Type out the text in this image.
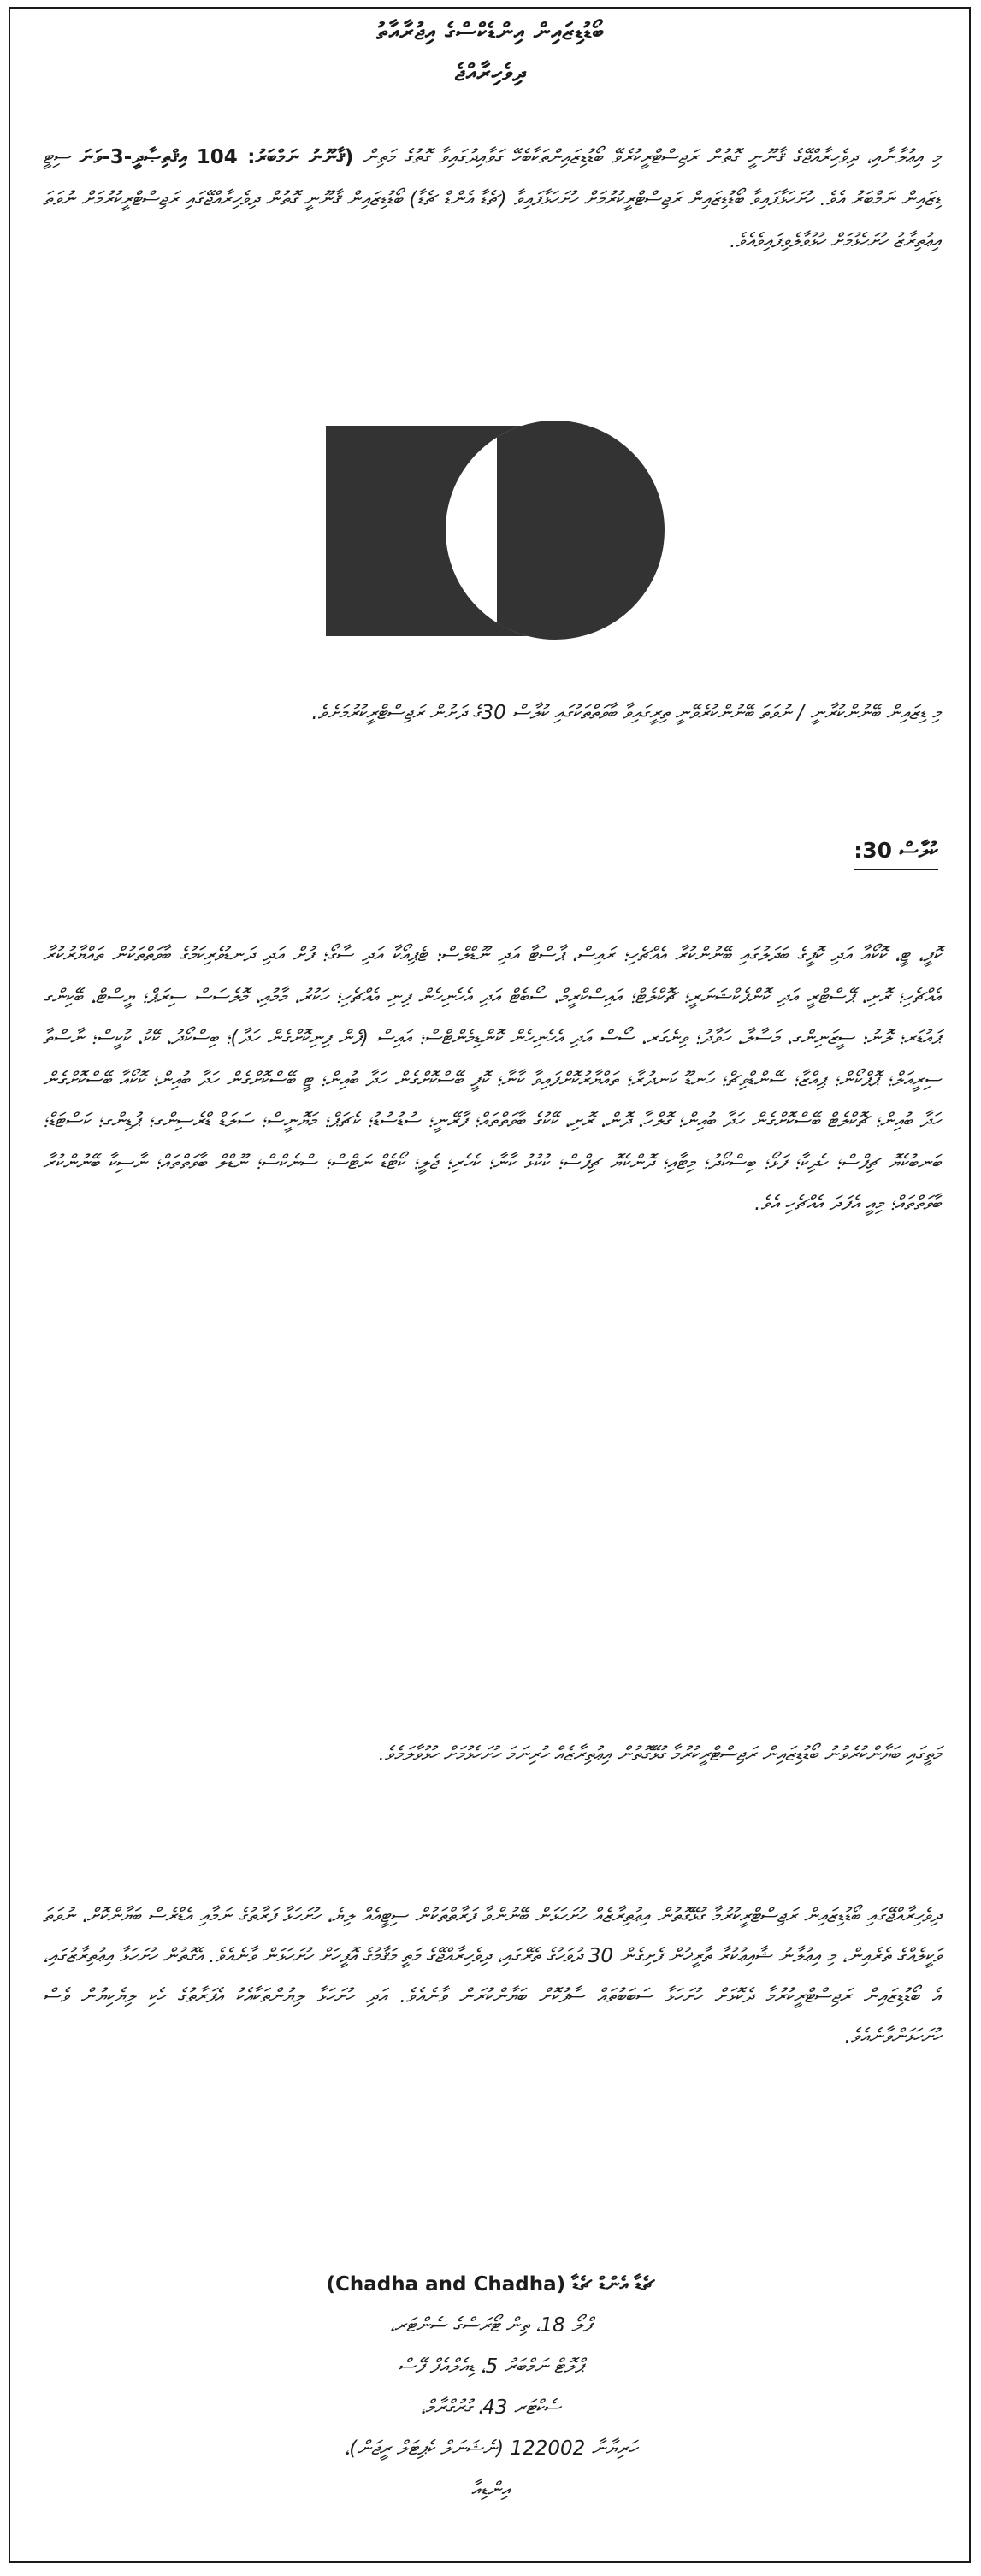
ބޯޑުޑިޒައިން އިންޑެކްސްގެ އިޖުރާއާތު
ދިވެހިރާއްޖެ
މި އިޢުލާނާއި، ދިވެހިރާއްޖޭގެ ޤާނޫނީ ގޮތުން ރަޖިސްޓްރީކުރެވޭ ބޯޑުޑިޒައިންތަކާބެހޭ ގަވާއިދުގައިވާ ގޮތުގެ މަތިން (ޤާނޫނު ނަމްބަރު: 104 އިޤްތިޞާދީ-3-ވަނަ ސިޓީ ޑިޒައިން ނަމްބަރު އެވެ. ހުށަހަޅާފައިވާ ބޯޑުޑިޒައިން ރަޖިސްޓްރީކުރުމަށް ހުށަހަޅާފައިވާ (ޗެޑާ އެންޑް ޗެޑާ) ބޯޑުޑިޒައިން ޤާނޫނީ ގޮތުން ދިވެހިރާއްޖޭގައި ރަޖިސްޓްރީކުރުމަށް ނުވަތަ އިޢުތިރާޒު ހުށަހެޅުމަށް ހުޅުވާލެވިފައިވެއެވެ.
މި ޑިޒައިން ބޭނުންކުރާނީ / ނުވަތަ ބޭނުންކުރެވޭނީ ތިރީގައިވާ ބާވަތްތަކުގައި ކުލާސް 30ގެ ދަށުން ރަޖިސްޓްރީކުރުމަށެވެ.
ކުލާސް 30:
ކޮފީ، ޓީ، ކޮކޯއާ އަދި ކޮފީގެ ބަދަލުގައި ބޭނުންކުރާ އެއްޗެހި؛ ރައިސް، ޕާސްޓާ އަދި ނޫޑްލްސް؛ ޓެޕިއޯކާ އަދި ސާގޯ؛ ފުށް އަދި ދަނޑުވެރިކަމުގެ ބާވަތްތަކުން ތައްޔާރުކުރާ އެއްޗެހި؛ ރޮށި، ޕޭސްޓްރީ އަދި ކޮންފެކްޝަނަރީ؛ ޗޮކްލެޓް؛ އައިސްކްރީމް، ސޯބެޓް އަދި އެހެނިހެން ފިނި އެއްޗެހި؛ ހަކުރު، މާމުއި، މޮލެސަސް ސިރަޕް؛ ޔީސްޓް، ބޭކިންގ ޕައުޑަރ؛ ލޮނު؛ ސީޒަނިންގ، މަސާލާ، ހަވާދު؛ ވިނެގަރ، ސޯސް އަދި އެހެނިހެން ކޮންޑިމެންޓްސް؛ އައިސް (ފެން ފިނިކޮށްގެން ހަދާ)؛ ބިސްކޯދު، ކޭކު، ކުކީސް؛ ނާސްތާ ސިރީއަލް؛ ޕޮޕްކޯން؛ ޕިއްޒާ؛ ސޭންޑްވިޗް؛ ހަނޑޫ ކަނދުރާ؛ ތައްޔާރުކޮށްފައިވާ ކާނާ؛ ކޮފީ ބޭސްކޮށްގެން ހަދާ ބުއިން؛ ޓީ ބޭސްކޮށްގެން ހަދާ ބުއިން؛ ކޮކޯއާ ބޭސްކޮށްގެން ހަދާ ބުއިން؛ ޗޮކްލެޓް ބޭސްކޮށްގެން ހަދާ ބުއިން؛ ގޮލްހާ، ދޮން، ރޮށި، ކޭކުގެ ބާވަތްތައް؛ ފާރޭނީ؛ ސުޑުސުޑު؛ ކެޗަޕް؛ މަޔޮނީސް؛ ސަލަޑް ޑްރެސިންގ؛ ޕުޑިންގ؛ ކަސްޓަޑް؛ ބަނބުކެޔޮ ޗިޕްސް؛ ހެދިކާ؛ ފަޅޯ؛ ބިސްކޯދު؛ މިޓާއި؛ ދޮންކެޔޮ ޗިޕްސް؛ ކުކުޅު ކާނާ؛ ކެހެރި؛ ޖެލީ؛ ކޯޓެޑް ނަޓްސް؛ ސްނެކްސް؛ ނޫޑްލް ބާވަތްތައް؛ ނާސިކާ ބޭނުންކުރާ ބާވަތްތައް؛ މިއީ އެފަދަ އެއްޗެހި އެވެ.
މަތީގައި ބަޔާންކުރެވުނު ބޯޑުޑިޒައިން ރަޖިސްޓްރީކުރުމާ ގުޅޭގޮތުން އިޢުތިރާޒެއް ހުރިނަމަ ހުށަހެޅުމަށް ހުޅުވާލަމެވެ.
ދިވެހިރާއްޖޭގައި ބޯޑުޑިޒައިން ރަޖިސްޓްރީކުރުމާ ގުޅޭގޮތުން އިޢުތިރާޒެއް ހުށަހަޅަން ބޭނުންވާ ފަރާތްތަކުން ސިޓީއެއް ލިޔެ، ހުށަހަޅާ ފަރާތުގެ ނަމާއި އެޑްރެސް ބަޔާންކޮށް، ނުވަތަ ވަކީލެއްގެ ތެރެއިން، މި އިޢުލާނު ޝާއިޢުކުރާ ތާރީޚުން ފެށިގެން 30 ދުވަހުގެ ތެރޭގައި، ދިވެހިރާއްޖޭގެ މަތީ މަޤާމުގެ އޮފީހަށް ހުށަހަޅަން ވާނެއެވެ. އެގޮތުން ހުށަހަޅާ އިޢުތިރާޒުގައި، އެ ބޯޑުޑިޒައިން ރަޖިސްޓްރީކުރުމާ ދެކޮޅަށް ހުށަހަޅާ ސަބަބުތައް ސާފުކޮށް ބަޔާންކުރަން ވާނެއެވެ. އަދި ހުށަހަޅާ ލިޔުންތަކާއެކު އެފަރާތުގެ ހެކި ލިޔެކިޔުން ވެސް ހުށަހަޅަންވާނެއެވެ.
ޗެޑާ އެންޑް ޗެޑާ (Chadha and Chadha)
ފްލޯ 18، ތިން ޓޯރަސްގެ ސެންޓަރ،
ޕްލޮޓް ނަމްބަރު 5، ޑިއެލްއެފް ފޭސް
ސެކްޓަރ 43، ގުރުގްރާމް،
ހަރިޔާނާ 122002 (ނެޝަނަލް ކެޕިޓަލް ރީޖަން)،
އިންޑިއާ
